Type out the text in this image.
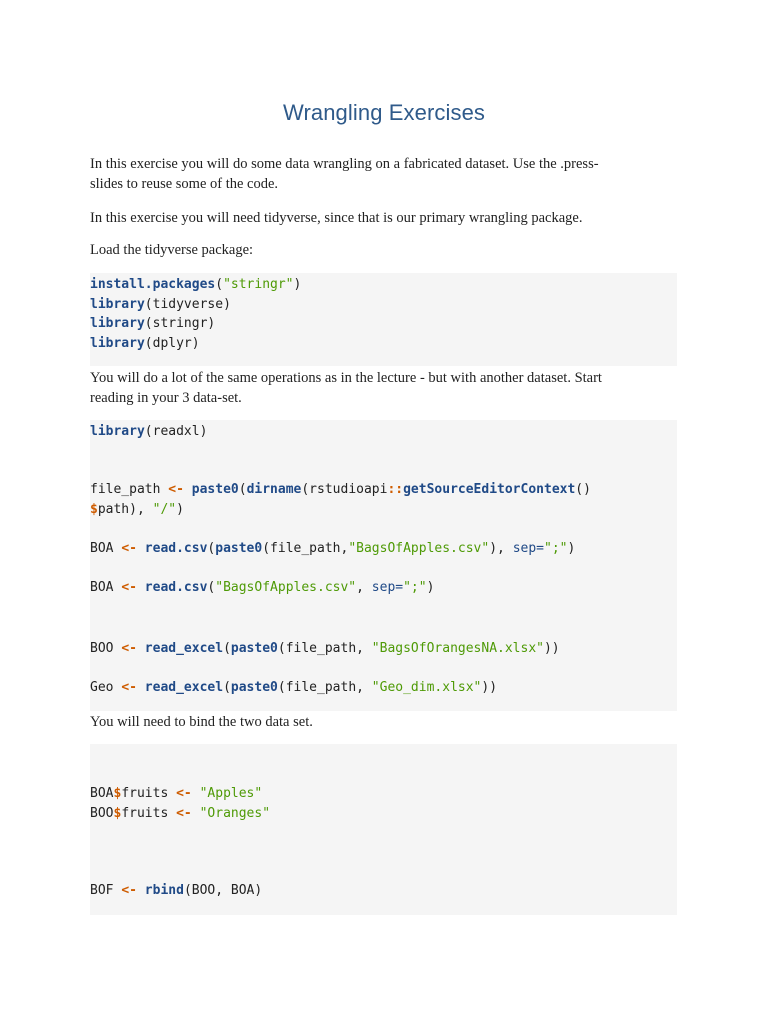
Wrangling Exercises
In this exercise you will do some data wrangling on a fabricated dataset. Use the .press-
slides to reuse some of the code.
In this exercise you will need tidyverse, since that is our primary wrangling package.
Load the tidyverse package:
install.packages("stringr")
library(tidyverse)
library(stringr)
library(dplyr)
You will do a lot of the same operations as in the lecture - but with another dataset. Start
reading in your 3 data-set.
library(readxl)
file_path <- paste0(dirname(rstudioapi::getSourceEditorContext()
$path), "/")
BOA <- read.csv(paste0(file_path,"BagsOfApples.csv"), sep=";")
BOA <- read.csv("BagsOfApples.csv", sep=";")
BOO <- read_excel(paste0(file_path, "BagsOfOrangesNA.xlsx"))
Geo <- read_excel(paste0(file_path, "Geo_dim.xlsx"))
You will need to bind the two data set.
BOA$fruits <- "Apples"
BOO$fruits <- "Oranges"
BOF <- rbind(BOO, BOA)
